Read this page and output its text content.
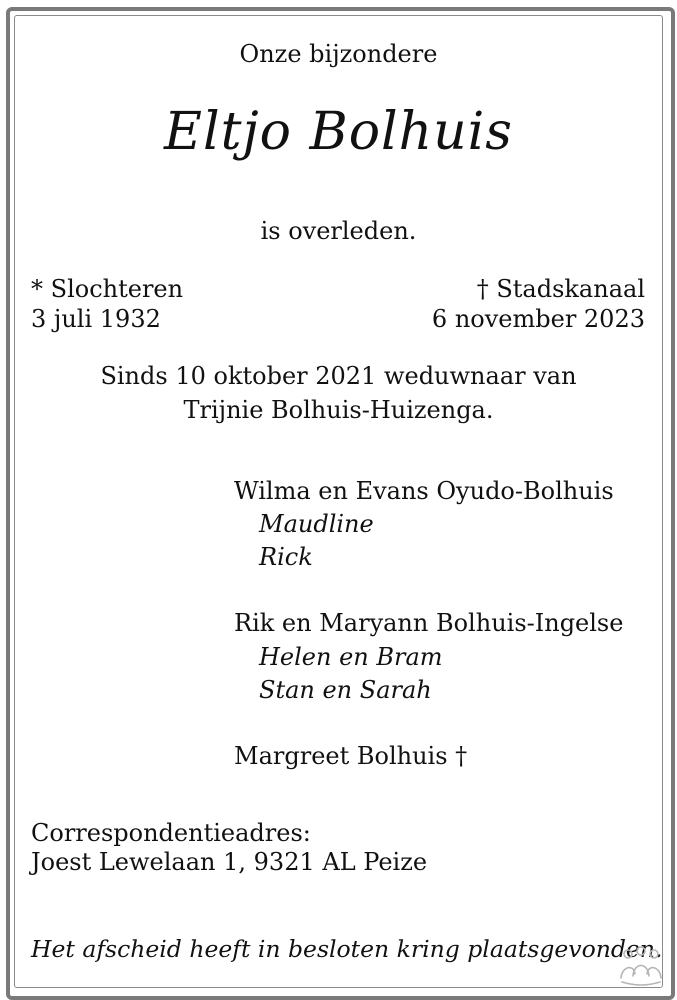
Onze bijzondere
Eltjo Bolhuis
is overleden.
* Slochteren
3 juli 1932
† Stadskanaal
6 november 2023
Sinds 10 oktober 2021 weduwnaar van
Trijnie Bolhuis-Huizenga.
Wilma en Evans Oyudo-Bolhuis
Maudline
Rick
Rik en Maryann Bolhuis-Ingelse
Helen en Bram
Stan en Sarah
Margreet Bolhuis †
Correspondentieadres:
Joest Lewelaan 1, 9321 AL Peize
Het afscheid heeft in besloten kring plaatsgevonden.
